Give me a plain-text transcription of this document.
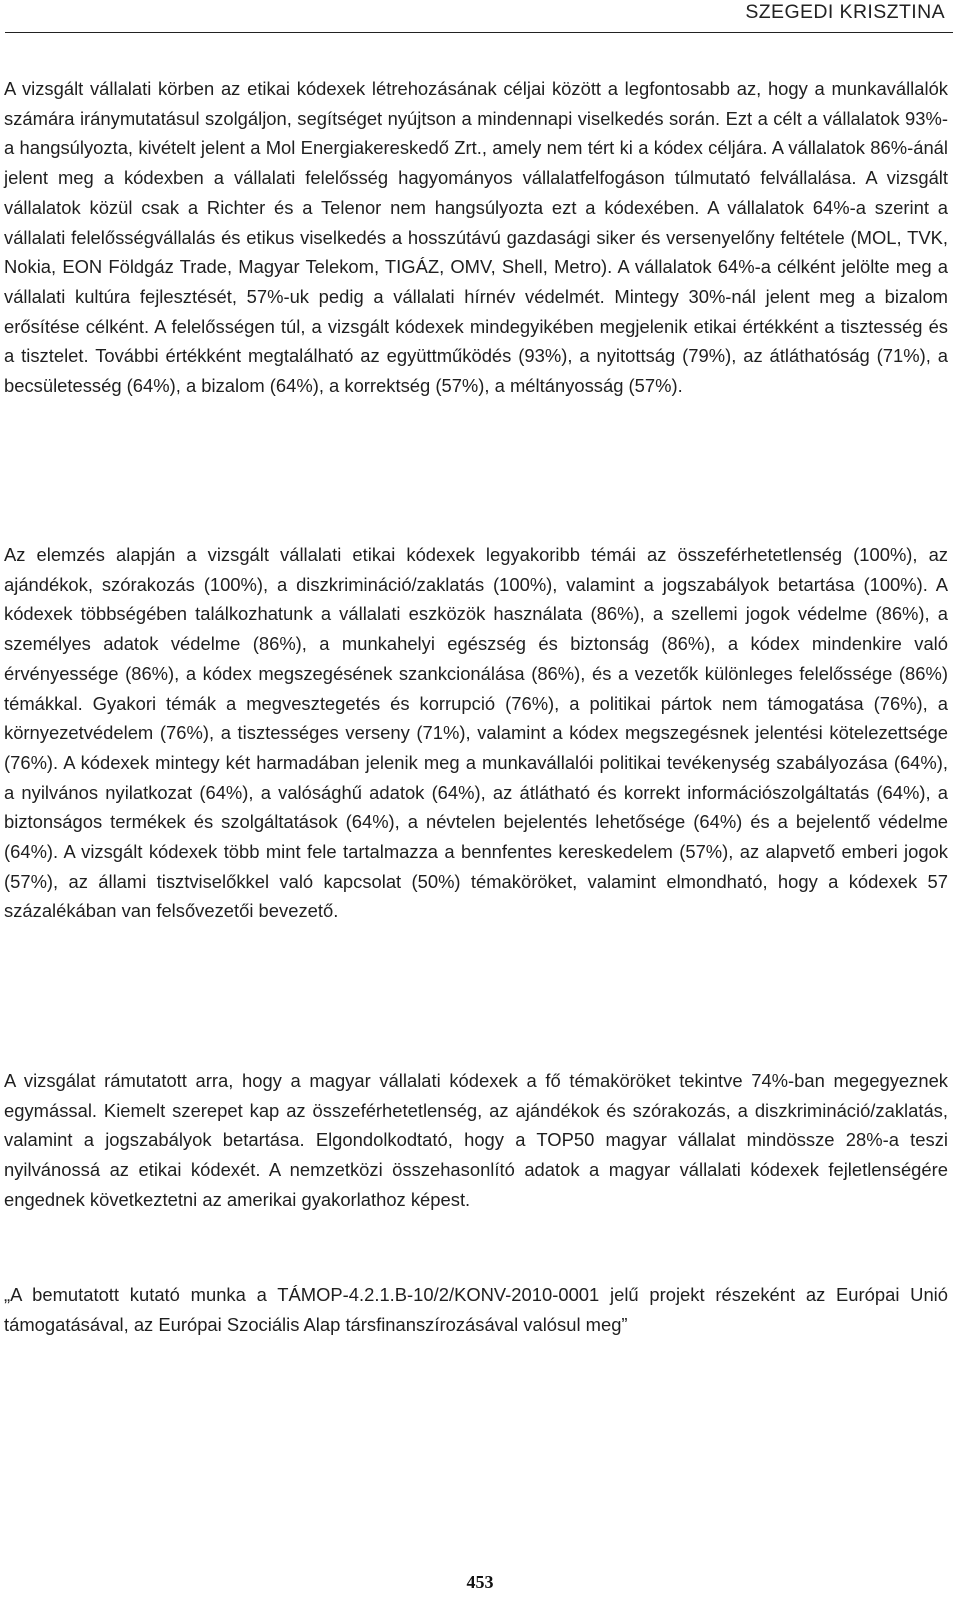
SZEGEDI KRISZTINA

A vizsgált vállalati körben az etikai kódexek létrehozásának céljai között a legfontosabb az, hogy a munkavállalók számára iránymutatásul szolgáljon, segítséget nyújtson a mindennapi viselkedés során. Ezt a célt a vállalatok 93%-a hangsúlyozta, kivételt jelent a Mol Energiakereskedő Zrt., amely nem tért ki a kódex céljára. A vállalatok 86%-ánál jelent meg a kódexben a vállalati felelősség hagyományos vállalatfelfogáson túlmutató felvállalása. A vizsgált vállalatok közül csak a Richter és a Telenor nem hangsúlyozta ezt a kódexében. A vállalatok 64%-a szerint a vállalati felelősségvállalás és etikus viselkedés a hosszútávú gazdasági siker és versenyelőny feltétele (MOL, TVK, Nokia, EON Földgáz Trade, Magyar Telekom, TIGÁZ, OMV, Shell, Metro). A vállalatok 64%-a célként jelölte meg a vállalati kultúra fejlesztését, 57%-uk pedig a vállalati hírnév védelmét. Mintegy 30%-nál jelent meg a bizalom erősítése célként. A felelősségen túl, a vizsgált kódexek mindegyikében megjelenik etikai értékként a tisztesség és a tisztelet. További értékként megtalálható az együttműködés (93%), a nyitottság (79%), az átláthatóság (71%), a becsületesség (64%), a bizalom (64%), a korrektség (57%), a méltányosság (57%).

Az elemzés alapján a vizsgált vállalati etikai kódexek legyakoribb témái az összeférhetetlenség (100%), az ajándékok, szórakozás (100%), a diszkrimináció/zaklatás (100%), valamint a jogszabályok betartása (100%). A kódexek többségében találkozhatunk a vállalati eszközök használata (86%), a szellemi jogok védelme (86%), a személyes adatok védelme (86%), a munkahelyi egészség és biztonság (86%), a kódex mindenkire való érvényessége (86%), a kódex megszegésének szankcionálása (86%), és a vezetők különleges felelőssége (86%) témákkal. Gyakori témák a megvesztegetés és korrupció (76%), a politikai pártok nem támogatása (76%), a környezetvédelem (76%), a tisztességes verseny (71%), valamint a kódex megszegésnek jelentési kötelezettsége (76%). A kódexek mintegy két harmadában jelenik meg a munkavállalói politikai tevékenység szabályozása (64%), a nyilvános nyilatkozat (64%), a valósághű adatok (64%), az átlátható és korrekt információszolgáltatás (64%), a biztonságos termékek és szolgáltatások (64%), a névtelen bejelentés lehetősége (64%) és a bejelentő védelme (64%). A vizsgált kódexek több mint fele tartalmazza a bennfentes kereskedelem (57%), az alapvető emberi jogok (57%), az állami tisztviselőkkel való kapcsolat (50%) témaköröket, valamint elmondható, hogy a kódexek 57 százalékában van felsővezetői bevezető.

A vizsgálat rámutatott arra, hogy a magyar vállalati kódexek a fő témaköröket tekintve 74%-ban megegyeznek egymással. Kiemelt szerepet kap az összeférhetetlenség, az ajándékok és szórakozás, a diszkrimináció/zaklatás, valamint a jogszabályok betartása. Elgondolkodtató, hogy a TOP50 magyar vállalat mindössze 28%-a teszi nyilvánossá az etikai kódexét. A nemzetközi összehasonlító adatok a magyar vállalati kódexek fejletlenségére engednek következtetni az amerikai gyakorlathoz képest.

„A bemutatott kutató munka a TÁMOP-4.2.1.B-10/2/KONV-2010-0001 jelű projekt részeként az Európai Unió támogatásával, az Európai Szociális Alap társfinanszírozásával valósul meg”

453
